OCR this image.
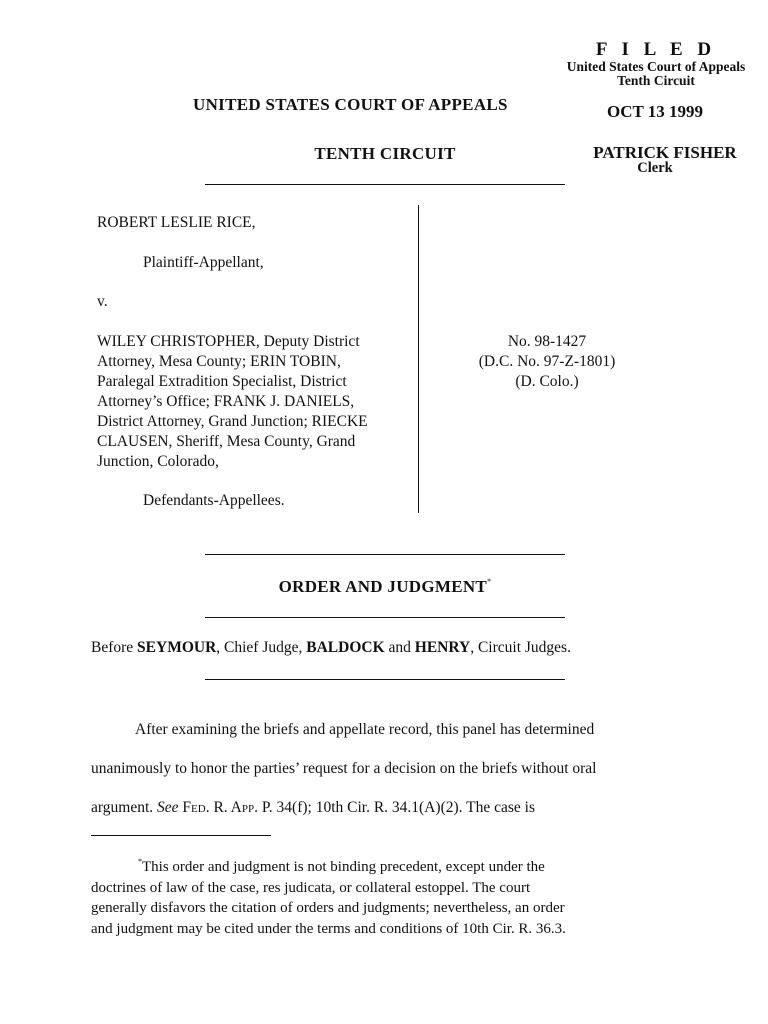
F I L E D
United States Court of Appeals
Tenth Circuit
OCT 13 1999
PATRICK FISHER
Clerk
UNITED STATES COURT OF APPEALS
TENTH CIRCUIT
ROBERT LESLIE RICE,
Plaintiff-Appellant,
v.
WILEY CHRISTOPHER, Deputy District
Attorney, Mesa County; ERIN TOBIN,
Paralegal Extradition Specialist, District
Attorney’s Office; FRANK J. DANIELS,
District Attorney, Grand Junction; RIECKE
CLAUSEN, Sheriff, Mesa County, Grand
Junction, Colorado,
Defendants-Appellees.
No. 98-1427
(D.C. No. 97-Z-1801)
(D. Colo.)
ORDER AND JUDGMENT*
Before SEYMOUR, Chief Judge, BALDOCK and HENRY, Circuit Judges.
After examining the briefs and appellate record, this panel has determined
unanimously to honor the parties’ request for a decision on the briefs without oral
argument. See Fed. R. App. P. 34(f); 10th Cir. R. 34.1(A)(2). The case is
*This order and judgment is not binding precedent, except under the
doctrines of law of the case, res judicata, or collateral estoppel. The court
generally disfavors the citation of orders and judgments; nevertheless, an order
and judgment may be cited under the terms and conditions of 10th Cir. R. 36.3.
